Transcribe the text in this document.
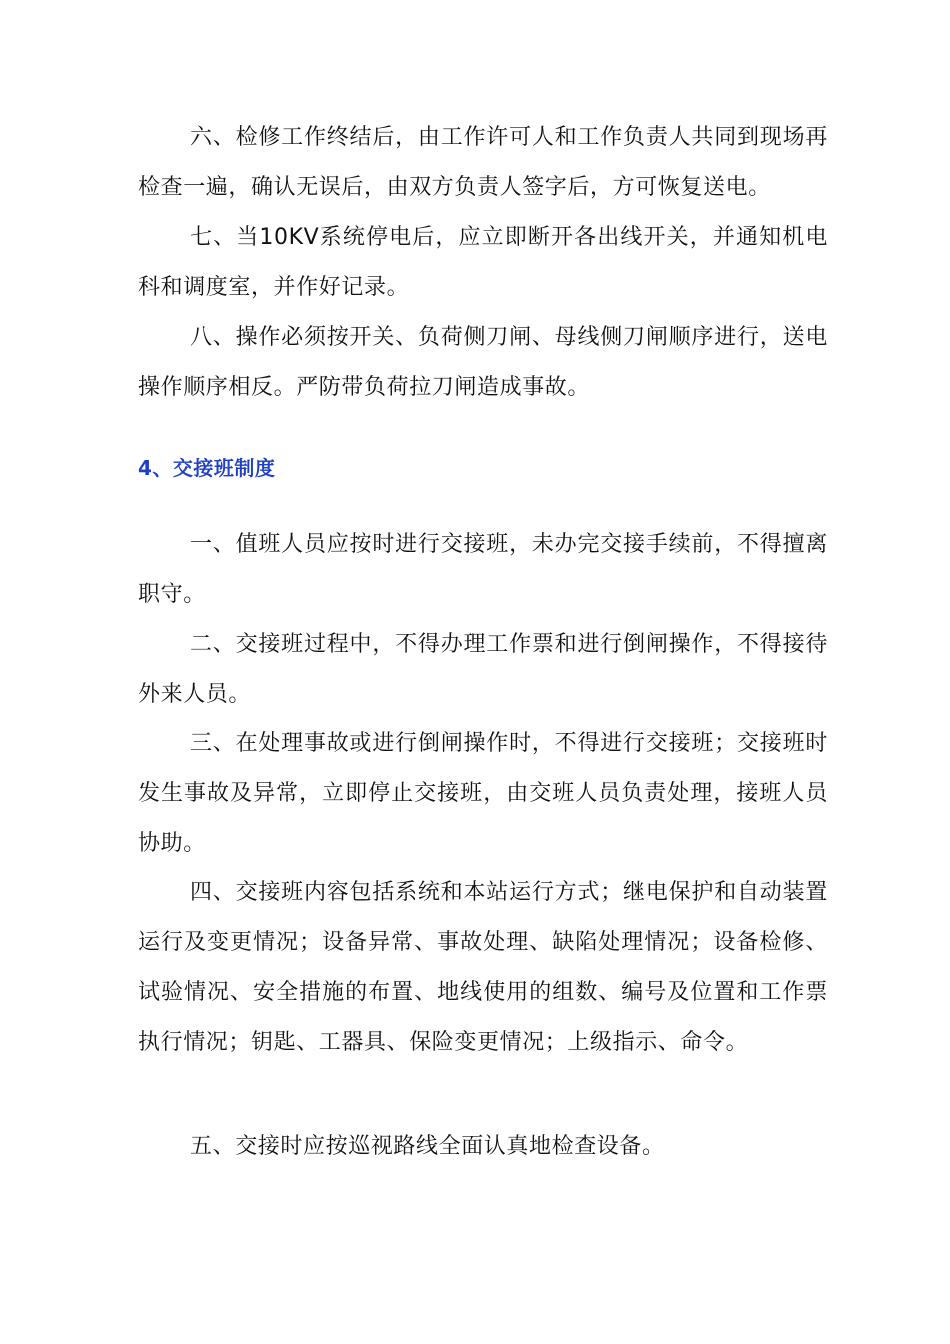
六、检修工作终结后，由工作许可人和工作负责人共同到现场再检查一遍，确认无误后，由双方负责人签字后，方可恢复送电。

七、当10KV系统停电后，应立即断开各出线开关，并通知机电科和调度室，并作好记录。

八、操作必须按开关、负荷侧刀闸、母线侧刀闸顺序进行，送电操作顺序相反。严防带负荷拉刀闸造成事故。

4、交接班制度

一、值班人员应按时进行交接班，未办完交接手续前，不得擅离职守。

二、交接班过程中，不得办理工作票和进行倒闸操作，不得接待外来人员。

三、在处理事故或进行倒闸操作时，不得进行交接班；交接班时发生事故及异常，立即停止交接班，由交班人员负责处理，接班人员协助。

四、交接班内容包括系统和本站运行方式；继电保护和自动装置运行及变更情况；设备异常、事故处理、缺陷处理情况；设备检修、试验情况、安全措施的布置、地线使用的组数、编号及位置和工作票执行情况；钥匙、工器具、保险变更情况；上级指示、命令。

五、交接时应按巡视路线全面认真地检查设备。
